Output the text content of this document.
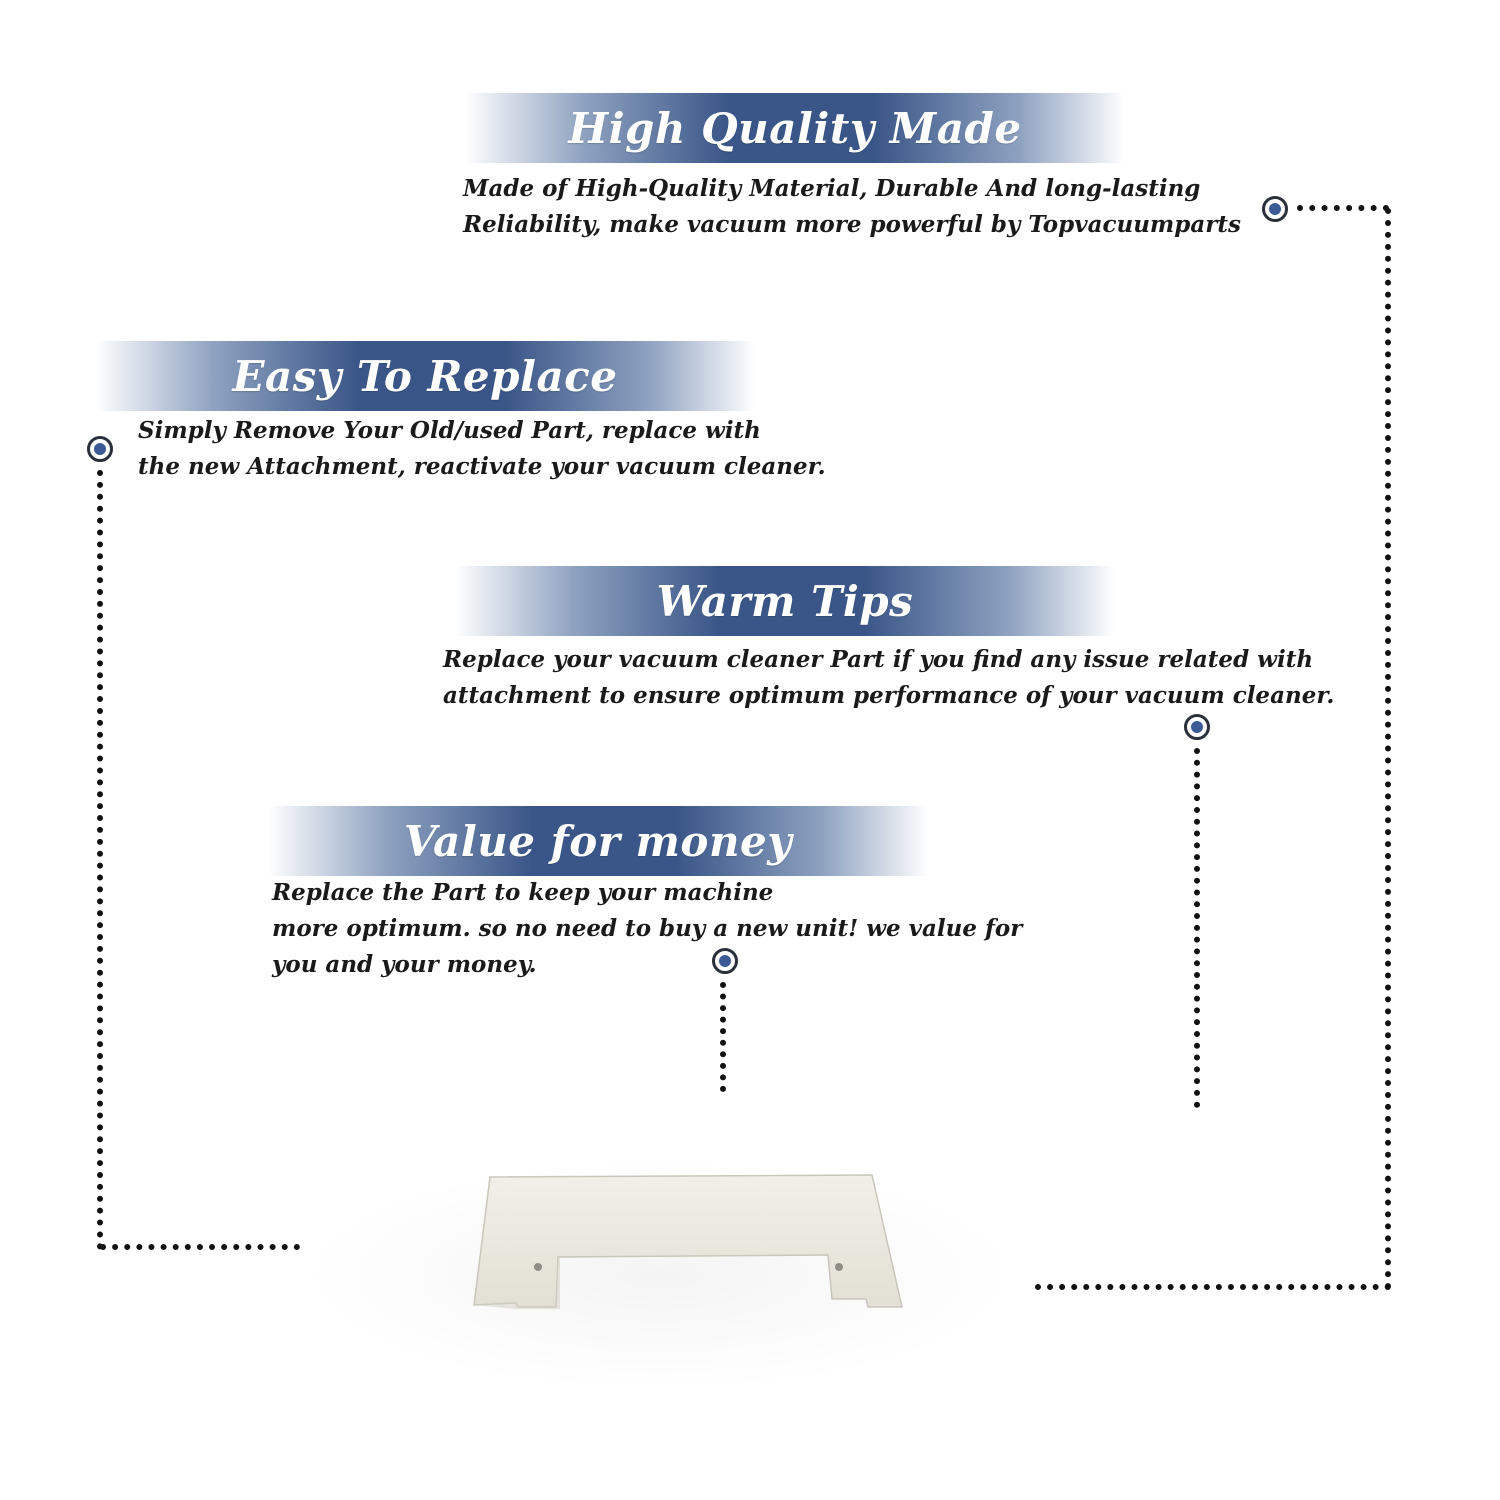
High Quality Made
Made of High-Quality Material, Durable And long-lasting
Reliability, make vacuum more powerful by Topvacuumparts
Easy To Replace
Simply Remove Your Old/used Part, replace with
the new Attachment, reactivate your vacuum cleaner.
Warm Tips
Replace your vacuum cleaner Part if you find any issue related with
attachment to ensure optimum performance of your vacuum cleaner.
Value for money
Replace the Part to keep your machine
more optimum. so no need to buy a new unit! we value for
you and your money.
